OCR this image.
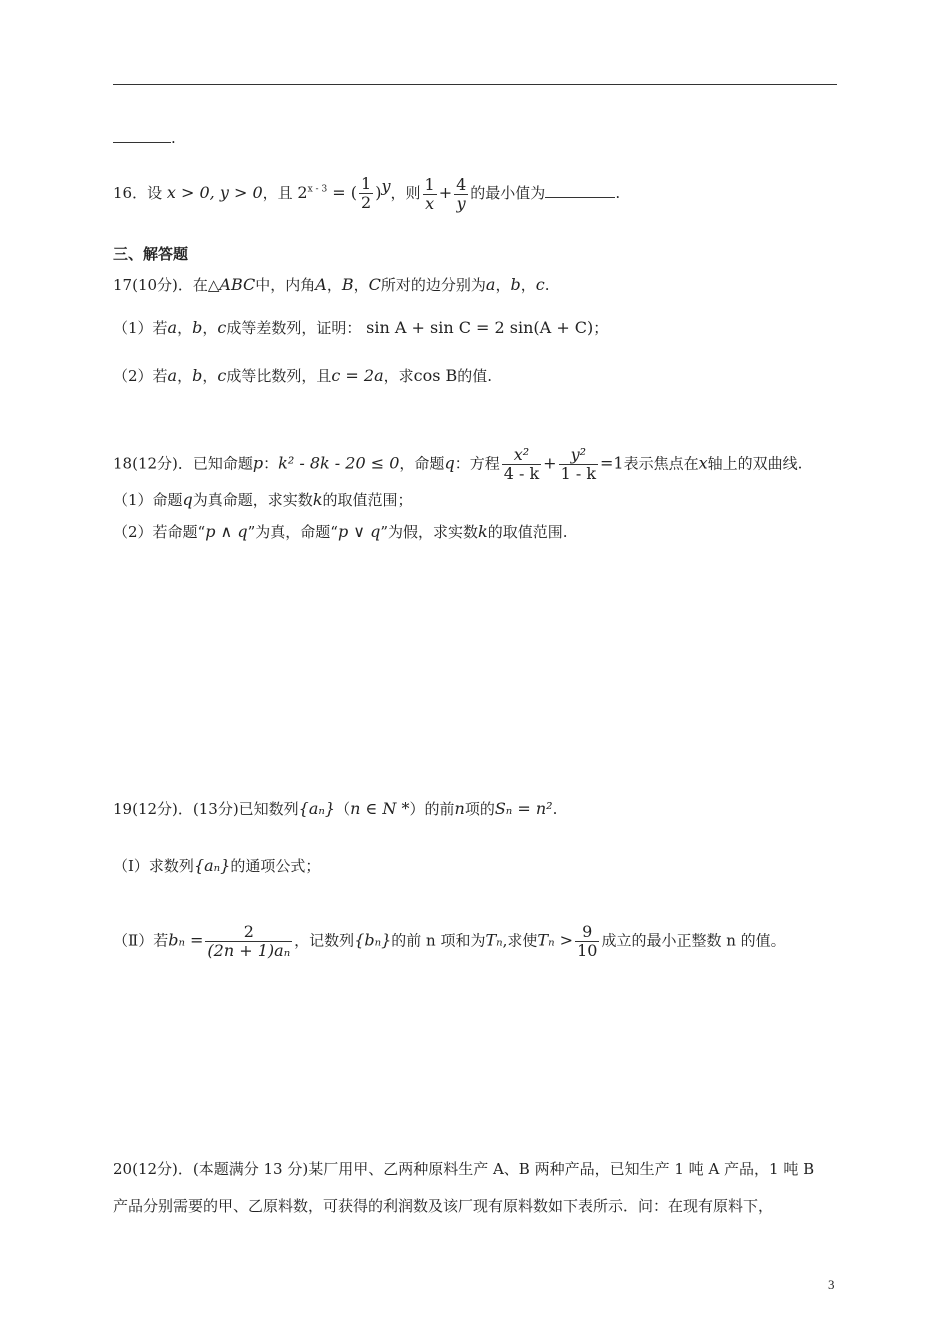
.
16．设 x > 0, y > 0，且 $2^{x - 3}$ = ( $\frac{1}{2} )^y$，则 $\frac{1}{x} + \frac{4}{y}$ 的最小值为	.
三、解答题
17(10分)．在△ABC中，内角A，B，C所对的边分别为a，b，c.
（1）若a，b，c成等差数列，证明： sin A + sin C = 2 sin(A + C)；
（2）若a，b，c成等比数列，且c = 2a，求cos B的值.
18(12分)．已知命题p：k² - 8k - 20 ≤ 0，命题q：方程 $\frac{\text{x²}}{4 - k} + \frac{\text{y²}}{1 - k} =1$表示焦点在x轴上的双曲线.
（1）命题q为真命题，求实数k的取值范围；
（2）若命题“p ∧ q”为真，命题“p ∨ q”为假，求实数k的取值范围.
19(12分)．(13分)已知数列{aₙ}（n ∈ N *）的前n项的Sₙ = n².
（Ⅰ）求数列{aₙ}的通项公式；
（Ⅱ）若$b_n = \frac{2}{\text{(2n + 1)aₙ}}$ ，记数列{bₙ}的前 n 项和为Tₙ,求使$T_n > \frac{9}{10}$ 成立的最小正整数 n 的值。
20(12分)．(本题满分 13 分)某厂用甲、乙两种原料生产 A、B 两种产品，已知生产 1 吨 A 产品，1 吨 B
产品分别需要的甲、乙原料数，可获得的利润数及该厂现有原料数如下表所示．问：在现有原料下，
3
